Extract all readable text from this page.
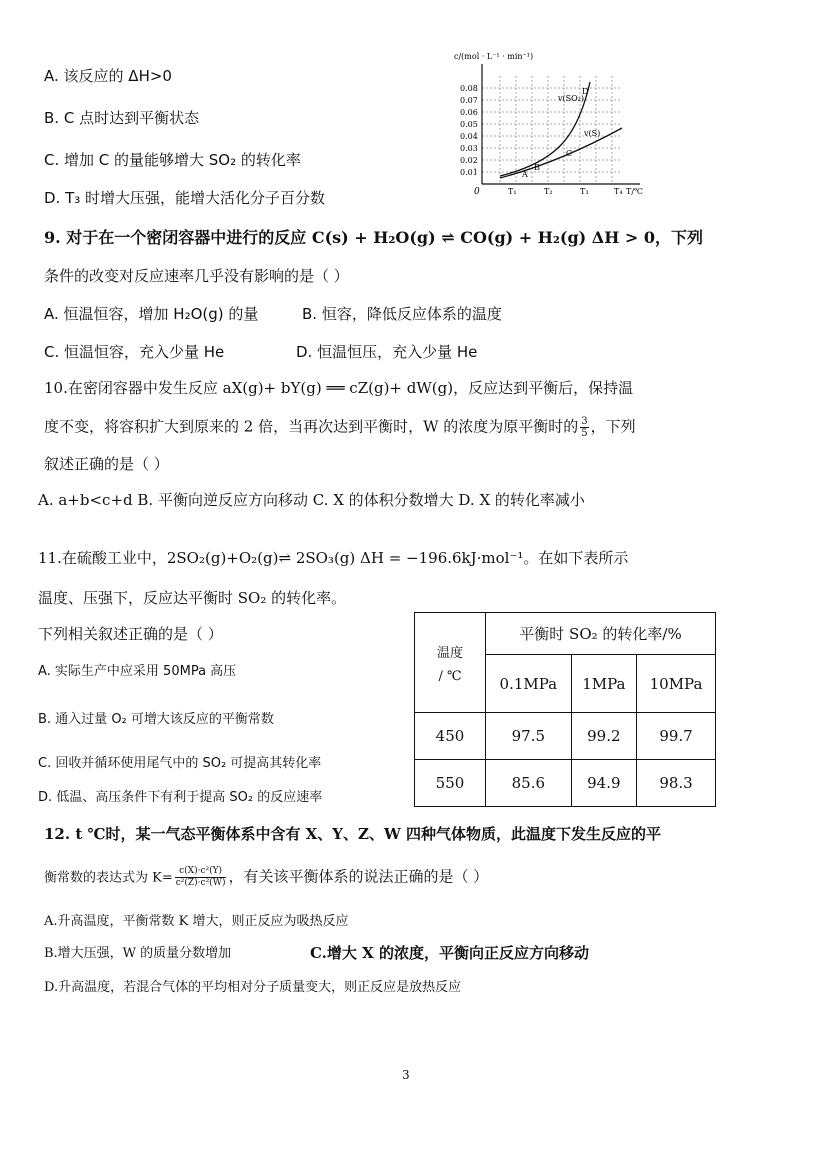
A. 该反应的 ΔH>0
B. C 点时达到平衡状态
C. 增加 C 的量能够增大 SO₂ 的转化率
D. T₃ 时增大压强，能增大活化分子百分数
c/(mol · L⁻¹ · min⁻¹)
0.08
0.07
0.06
0.05
0.04
0.03
0.02
0.01
0	T₁	T₂	T₃	T₄ T/℃
v(SO₂)
v(S)
A
B
C
D
9. 对于在一个密闭容器中进行的反应 C(s) + H₂O(g) ⇌ CO(g) + H₂(g) ΔH > 0，下列
条件的改变对反应速率几乎没有影响的是（ ）
A. 恒温恒容，增加 H₂O(g) 的量	B. 恒容，降低反应体系的温度
C. 恒温恒容，充入少量 He	D. 恒温恒压，充入少量 He
10.在密闭容器中发生反应 aX(g)+ bY(g) ══ cZ(g)+ dW(g)，反应达到平衡后，保持温
度不变，将容积扩大到原来的 2 倍，当再次达到平衡时，W 的浓度为原平衡时的 $\frac{3}{5}$ ，下列
叙述正确的是（ ）
A. a+b<c+d B. 平衡向逆反应方向移动 C. X 的体积分数增大 D. X 的转化率减小
11.在硫酸工业中，2SO₂(g)+O₂(g)⇌ 2SO₃(g) ΔH = −196.6kJ·mol⁻¹。在如下表所示
温度、压强下，反应达平衡时 SO₂ 的转化率。
下列相关叙述正确的是（ ）
A. 实际生产中应采用 50MPa 高压
B. 通入过量 O₂ 可增大该反应的平衡常数
C. 回收并循环使用尾气中的 SO₂ 可提高其转化率
D. 低温、高压条件下有利于提高 SO₂ 的反应速率
温度
/ ℃	平衡时 SO₂ 的转化率/%		
	0.1MPa	1MPa	10MPa
450	97.5	99.2	99.7
550	85.6	94.9	98.3
12. t ℃时，某一气态平衡体系中含有 X、Y、Z、W 四种气体物质，此温度下发生反应的平
衡常数的表达式为 $K= \frac{\text{c(X)·c²(Y)}}{\text{c²(Z)·c²(W)}}$ ，有关该平衡体系的说法正确的是（ ）
A.升高温度，平衡常数 K 增大，则正反应为吸热反应
B.增大压强，W 的质量分数增加	C.增大 X 的浓度，平衡向正反应方向移动
D.升高温度，若混合气体的平均相对分子质量变大，则正反应是放热反应
3
